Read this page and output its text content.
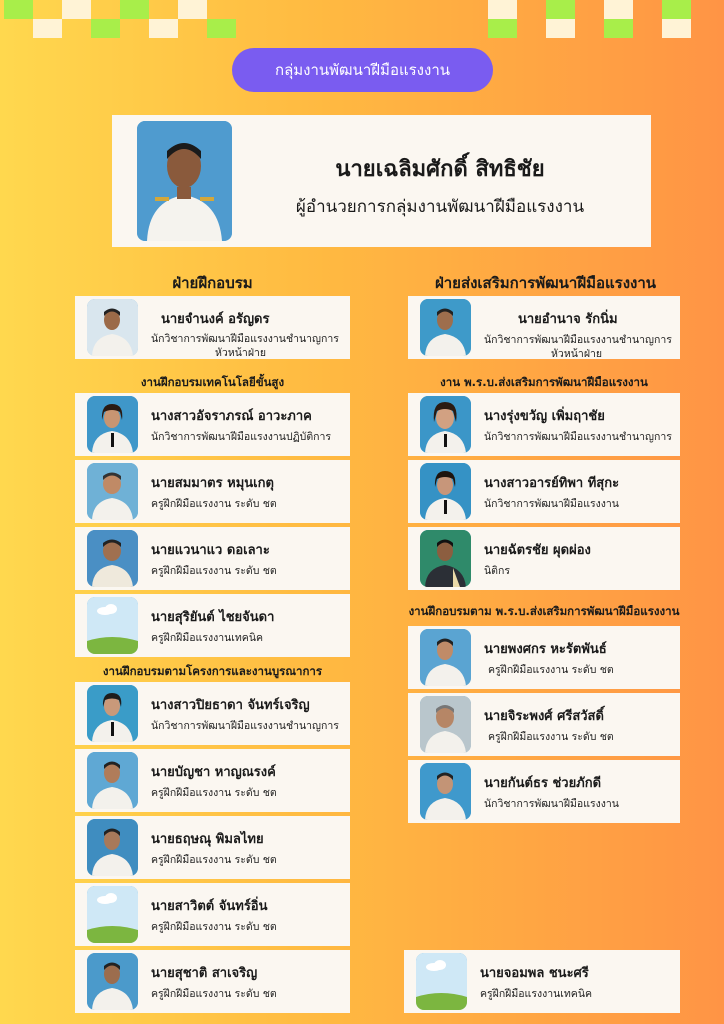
กลุ่มงานพัฒนาฝีมือแรงงาน
นายเฉลิมศักดิ์ สิทธิชัย
ผู้อำนวยการกลุ่มงานพัฒนาฝีมือแรงงาน
ฝ่ายฝึกอบรม	ฝ่ายส่งเสริมการพัฒนาฝีมือแรงงาน
นายจำนงค์ อรัญดร
นักวิชาการพัฒนาฝีมือแรงงานชำนาญการ
หัวหน้าฝ่าย
งานฝึกอบรมเทคโนโลยีขั้นสูง
นางสาวอัจราภรณ์ อาวะภาค
นักวิชาการพัฒนาฝีมือแรงงานปฏิบัติการ
นายสมมาตร หมุนเกตุ
ครูฝึกฝีมือแรงงาน ระดับ ชต
นายแวนาแว ดอเลาะ
ครูฝึกฝีมือแรงงาน ระดับ ชต
นายสุริยันต์ ไชยจันดา
ครูฝึกฝีมือแรงงานเทคนิค
งานฝึกอบรมตามโครงการและงานบูรณาการ
นางสาวปิยธาดา จันทร์เจริญ
นักวิชาการพัฒนาฝีมือแรงงานชำนาญการ
นายบัญชา หาญณรงค์
ครูฝึกฝีมือแรงงาน ระดับ ชต
นายธฤษณุ พิมลไทย
ครูฝึกฝีมือแรงงาน ระดับ ชต
นายสาวิตต์ จันทร์อิ่น
ครูฝึกฝีมือแรงงาน ระดับ ชต
นายสุชาติ สาเจริญ
ครูฝึกฝีมือแรงงาน ระดับ ชต
นายอำนาจ รักนิ่ม
นักวิชาการพัฒนาฝีมือแรงงานชำนาญการ
หัวหน้าฝ่าย
งาน พ.ร.บ.ส่งเสริมการพัฒนาฝีมือแรงงาน
นางรุ่งขวัญ เพิ่มฤาชัย
นักวิชาการพัฒนาฝีมือแรงงานชำนาญการ
นางสาวอารย์ทิพา ทีสุกะ
นักวิชาการพัฒนาฝีมือแรงงาน
นายฉัตรชัย ผุดผ่อง
นิติกร
งานฝึกอบรมตาม พ.ร.บ.ส่งเสริมการพัฒนาฝีมือแรงงาน
นายพงศกร หะรัตพันธ์
ครูฝึกฝีมือแรงงาน ระดับ ชต
นายจิระพงศ์ ศรีสวัสดิ์
ครูฝึกฝีมือแรงงาน ระดับ ชต
นายกันต์ธร ช่วยภักดี
นักวิชาการพัฒนาฝีมือแรงงาน
นายจอมพล ชนะศรี
ครูฝึกฝีมือแรงงานเทคนิค
